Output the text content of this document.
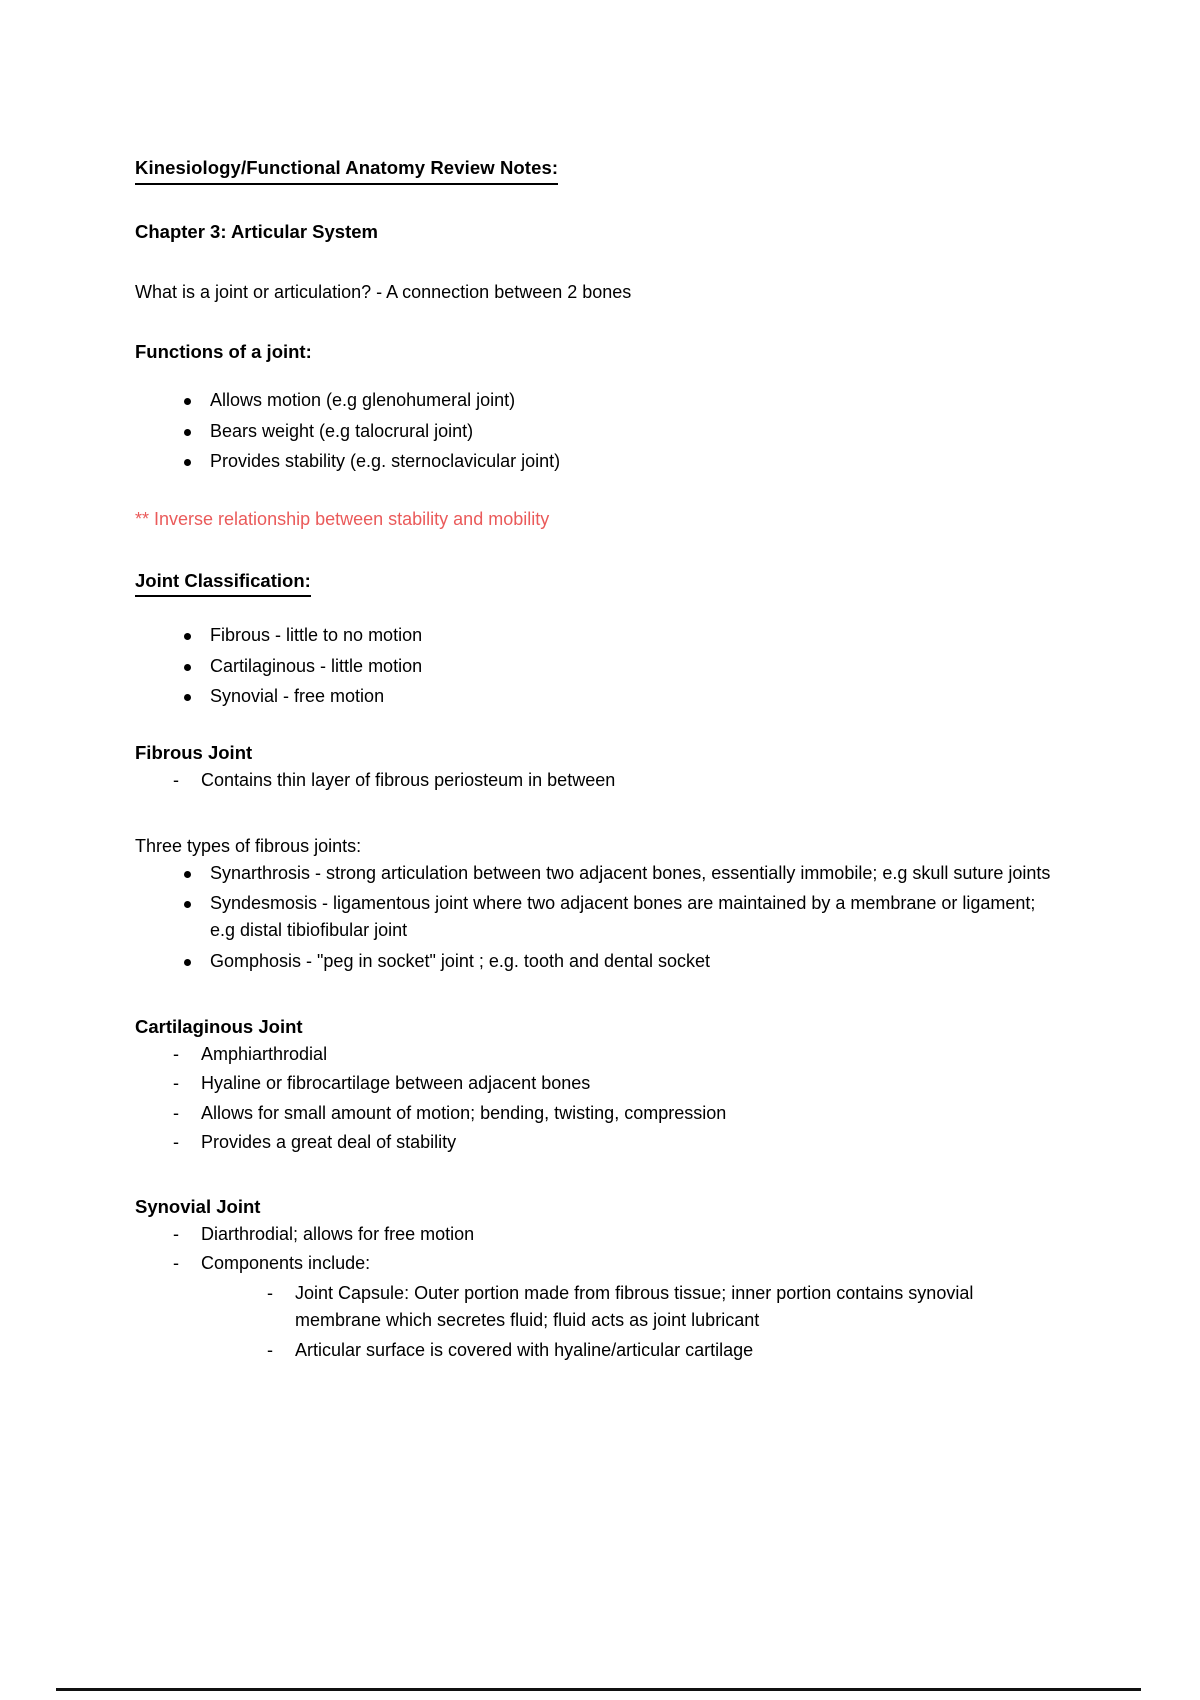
Kinesiology/Functional Anatomy Review Notes:
Chapter 3: Articular System
What is a joint or articulation? - A connection between 2 bones
Functions of a joint:
Allows motion (e.g glenohumeral joint)
Bears weight (e.g talocrural joint)
Provides stability (e.g. sternoclavicular joint)
** Inverse relationship between stability and mobility
Joint Classification:
Fibrous - little to no motion
Cartilaginous - little motion
Synovial - free motion
Fibrous Joint
- Contains thin layer of fibrous periosteum in between
Three types of fibrous joints:
Synarthrosis - strong articulation between two adjacent bones, essentially immobile; e.g skull suture joints
Syndesmosis - ligamentous joint where two adjacent bones are maintained by a membrane or ligament; e.g distal tibiofibular joint
Gomphosis - "peg in socket" joint ; e.g. tooth and dental socket
Cartilaginous Joint
- Amphiarthrodial
- Hyaline or fibrocartilage between adjacent bones
- Allows for small amount of motion; bending, twisting, compression
- Provides a great deal of stability
Synovial Joint
- Diarthrodial; allows for free motion
- Components include:
- Joint Capsule: Outer portion made from fibrous tissue; inner portion contains synovial membrane which secretes fluid; fluid acts as joint lubricant
- Articular surface is covered with hyaline/articular cartilage
